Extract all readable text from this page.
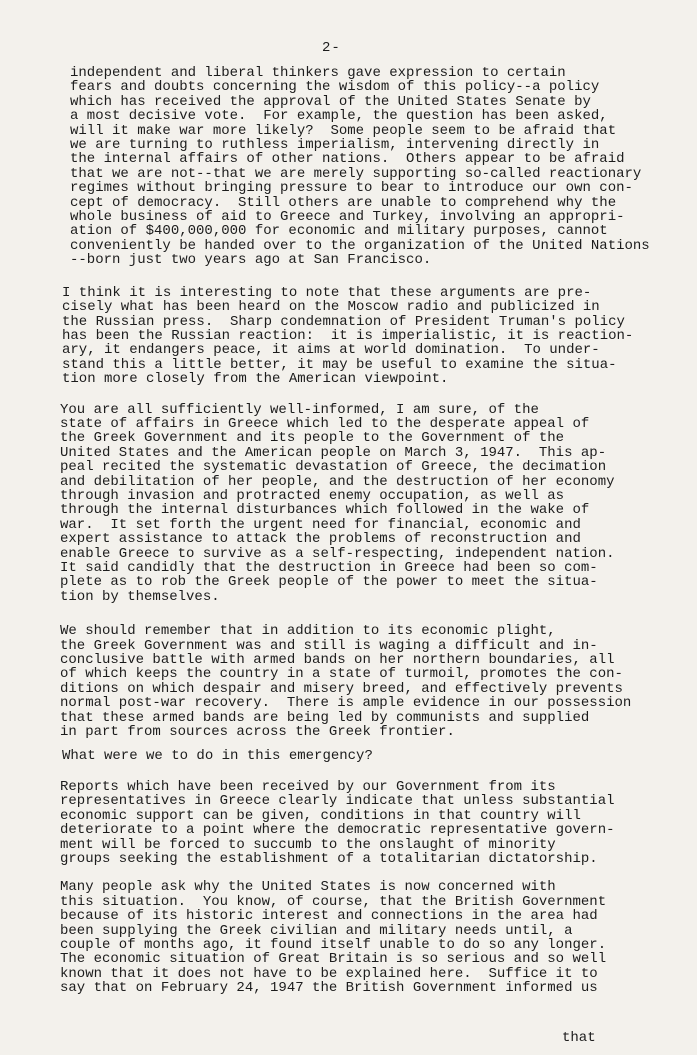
2-

independent and liberal thinkers gave expression to certain
fears and doubts concerning the wisdom of this policy--a policy
which has received the approval of the United States Senate by
a most decisive vote.  For example, the question has been asked,
will it make war more likely?  Some people seem to be afraid that
we are turning to ruthless imperialism, intervening directly in
the internal affairs of other nations.  Others appear to be afraid
that we are not--that we are merely supporting so-called reactionary
regimes without bringing pressure to bear to introduce our own con-
cept of democracy.  Still others are unable to comprehend why the
whole business of aid to Greece and Turkey, involving an appropri-
ation of $400,000,000 for economic and military purposes, cannot
conveniently be handed over to the organization of the United Nations
--born just two years ago at San Francisco.

I think it is interesting to note that these arguments are pre-
cisely what has been heard on the Moscow radio and publicized in
the Russian press.  Sharp condemnation of President Truman's policy
has been the Russian reaction:  it is imperialistic, it is reaction-
ary, it endangers peace, it aims at world domination.  To under-
stand this a little better, it may be useful to examine the situa-
tion more closely from the American viewpoint.

You are all sufficiently well-informed, I am sure, of the
state of affairs in Greece which led to the desperate appeal of
the Greek Government and its people to the Government of the
United States and the American people on March 3, 1947.  This ap-
peal recited the systematic devastation of Greece, the decimation
and debilitation of her people, and the destruction of her economy
through invasion and protracted enemy occupation, as well as
through the internal disturbances which followed in the wake of
war.  It set forth the urgent need for financial, economic and
expert assistance to attack the problems of reconstruction and
enable Greece to survive as a self-respecting, independent nation.
It said candidly that the destruction in Greece had been so com-
plete as to rob the Greek people of the power to meet the situa-
tion by themselves.

We should remember that in addition to its economic plight,
the Greek Government was and still is waging a difficult and in-
conclusive battle with armed bands on her northern boundaries, all
of which keeps the country in a state of turmoil, promotes the con-
ditions on which despair and misery breed, and effectively prevents
normal post-war recovery.  There is ample evidence in our possession
that these armed bands are being led by communists and supplied
in part from sources across the Greek frontier.

What were we to do in this emergency?

Reports which have been received by our Government from its
representatives in Greece clearly indicate that unless substantial
economic support can be given, conditions in that country will
deteriorate to a point where the democratic representative govern-
ment will be forced to succumb to the onslaught of minority
groups seeking the establishment of a totalitarian dictatorship.

Many people ask why the United States is now concerned with
this situation.  You know, of course, that the British Government
because of its historic interest and connections in the area had
been supplying the Greek civilian and military needs until, a
couple of months ago, it found itself unable to do so any longer.
The economic situation of Great Britain is so serious and so well
known that it does not have to be explained here.  Suffice it to
say that on February 24, 1947 the British Government informed us

that
